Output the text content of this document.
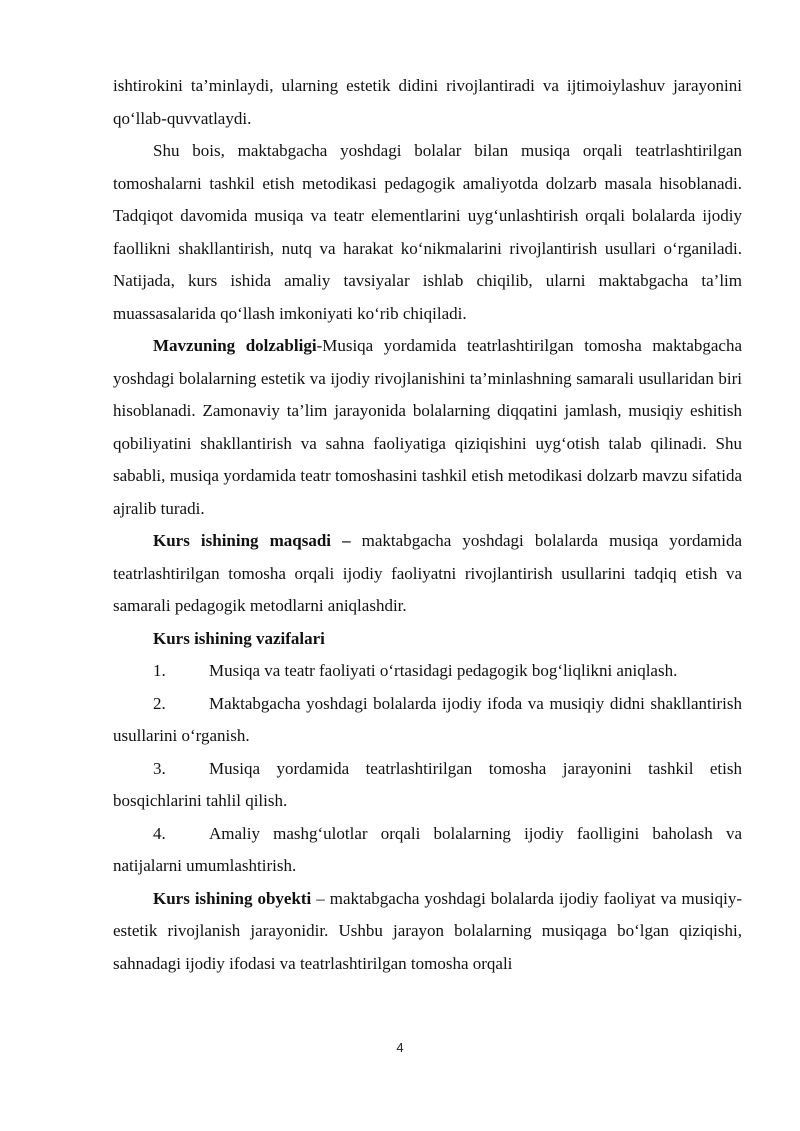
ishtirokini ta’minlaydi, ularning estetik didini rivojlantiradi va ijtimoiylashuv jarayonini qo‘llab-quvvatlaydi.

Shu bois, maktabgacha yoshdagi bolalar bilan musiqa orqali teatrlashtirilgan tomoshalarni tashkil etish metodikasi pedagogik amaliyotda dolzarb masala hisoblanadi. Tadqiqot davomida musiqa va teatr elementlarini uyg‘unlashtirish orqali bolalarda ijodiy faollikni shakllantirish, nutq va harakat ko‘nikmalarini rivojlantirish usullari o‘rganiladi. Natijada, kurs ishida amaliy tavsiyalar ishlab chiqilib, ularni maktabgacha ta’lim muassasalarida qo‘llash imkoniyati ko‘rib chiqiladi.

Mavzuning dolzabligi-Musiqa yordamida teatrlashtirilgan tomosha maktabgacha yoshdagi bolalarning estetik va ijodiy rivojlanishini ta’minlashning samarali usullaridan biri hisoblanadi. Zamonaviy ta’lim jarayonida bolalarning diqqatini jamlash, musiqiy eshitish qobiliyatini shakllantirish va sahna faoliyatiga qiziqishini uyg‘otish talab qilinadi. Shu sababli, musiqa yordamida teatr tomoshasini tashkil etish metodikasi dolzarb mavzu sifatida ajralib turadi.

Kurs ishining maqsadi – maktabgacha yoshdagi bolalarda musiqa yordamida teatrlashtirilgan tomosha orqali ijodiy faoliyatni rivojlantirish usullarini tadqiq etish va samarali pedagogik metodlarni aniqlashdir.

Kurs ishining vazifalari

1.	Musiqa va teatr faoliyati o‘rtasidagi pedagogik bog‘liqlikni aniqlash.

2.	Maktabgacha yoshdagi bolalarda ijodiy ifoda va musiqiy didni shakllantirish usullarini o‘rganish.

3.	Musiqa yordamida teatrlashtirilgan tomosha jarayonini tashkil etish bosqichlarini tahlil qilish.

4.	Amaliy mashg‘ulotlar orqali bolalarning ijodiy faolligini baholash va natijalarni umumlashtirish.

Kurs ishining obyekti – maktabgacha yoshdagi bolalarda ijodiy faoliyat va musiqiy-estetik rivojlanish jarayonidir. Ushbu jarayon bolalarning musiqaga bo‘lgan qiziqishi, sahnadagi ijodiy ifodasi va teatrlashtirilgan tomosha orqali

4
